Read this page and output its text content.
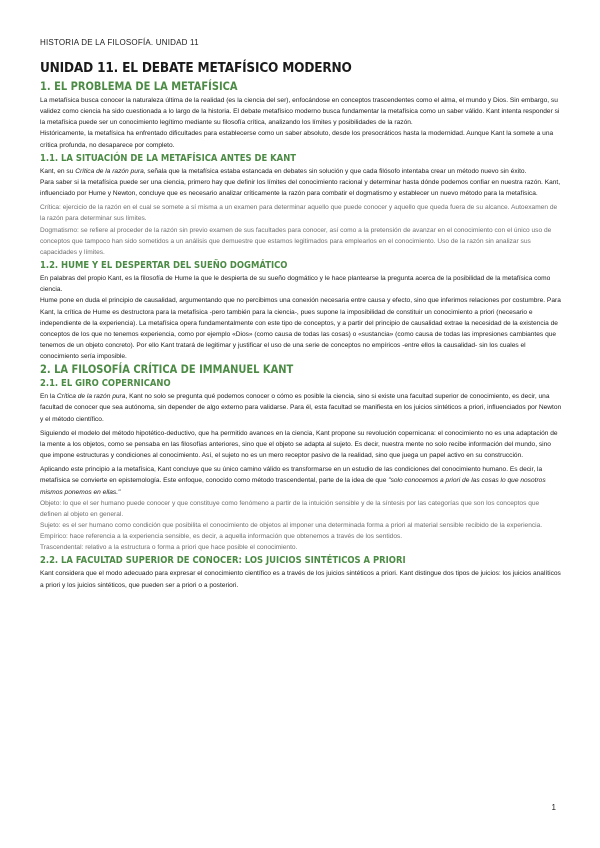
HISTORIA DE LA FILOSOFÍA. UNIDAD 11
UNIDAD 11. EL DEBATE METAFÍSICO MODERNO
1. EL PROBLEMA DE LA METAFÍSICA

La metafísica busca conocer la naturaleza última de la realidad (es la ciencia del ser), enfocándose en conceptos trascendentes como el alma, el mundo y Dios. Sin embargo, su validez como ciencia ha sido cuestionada a lo largo de la historia. El debate metafísico moderno busca fundamentar la metafísica como un saber válido. Kant intenta responder si la metafísica puede ser un conocimiento legítimo mediante su filosofía crítica, analizando los límites y posibilidades de la razón.

Históricamente, la metafísica ha enfrentado dificultades para establecerse como un saber absoluto, desde los presocráticos hasta la modernidad. Aunque Kant la somete a una crítica profunda, no desaparece por completo.

1.1. LA SITUACIÓN DE LA METAFÍSICA ANTES DE KANT

Kant, en su Crítica de la razón pura, señala que la metafísica estaba estancada en debates sin solución y que cada filósofo intentaba crear un método nuevo sin éxito.

Para saber si la metafísica puede ser una ciencia, primero hay que definir los límites del conocimiento racional y determinar hasta dónde podemos confiar en nuestra razón. Kant, influenciado por Hume y Newton, concluye que es necesario analizar críticamente la razón para combatir el dogmatismo y establecer un nuevo método para la metafísica.

Crítica: ejercicio de la razón en el cual se somete a sí misma a un examen para determinar aquello que puede conocer y aquello que queda fuera de su alcance. Autoexamen de la razón para determinar sus límites.

Dogmatismo: se refiere al proceder de la razón sin previo examen de sus facultades para conocer, así como a la pretensión de avanzar en el conocimiento con el único uso de conceptos que tampoco han sido sometidos a un análisis que demuestre que estamos legitimados para emplearlos en el conocimiento. Uso de la razón sin analizar sus capacidades y límites.

1.2. HUME Y EL DESPERTAR DEL SUEÑO DOGMÁTICO

En palabras del propio Kant, es la filosofía de Hume la que le despierta de su sueño dogmático y le hace plantearse la pregunta acerca de la posibilidad de la metafísica como ciencia.

Hume pone en duda el principio de causalidad, argumentando que no percibimos una conexión necesaria entre causa y efecto, sino que inferimos relaciones por costumbre. Para Kant, la crítica de Hume es destructora para la metafísica -pero también para la ciencia-, pues supone la imposibilidad de constituir un conocimiento a priori (necesario e independiente de la experiencia). La metafísica opera fundamentalmente con este tipo de conceptos, y a partir del principio de causalidad extrae la necesidad de la existencia de conceptos de los que no tenemos experiencia, como por ejemplo «Dios» (como causa de todas las cosas) o «sustancia» (como causa de todas las impresiones cambiantes que tenemos de un objeto concreto). Por ello Kant tratará de legitimar y justificar el uso de una serie de conceptos no empíricos -entre ellos la causalidad- sin los cuales el conocimiento sería imposible.

2. LA FILOSOFÍA CRÍTICA DE IMMANUEL KANT
2.1. EL GIRO COPERNICANO

En la Crítica de la razón pura, Kant no solo se pregunta qué podemos conocer o cómo es posible la ciencia, sino si existe una facultad superior de conocimiento, es decir, una facultad de conocer que sea autónoma, sin depender de algo externo para validarse. Para él, esta facultad se manifiesta en los juicios sintéticos a priori, influenciados por Newton y el método científico.

Siguiendo el modelo del método hipotético-deductivo, que ha permitido avances en la ciencia, Kant propone su revolución copernicana: el conocimiento no es una adaptación de la mente a los objetos, como se pensaba en las filosofías anteriores, sino que el objeto se adapta al sujeto. Es decir, nuestra mente no solo recibe información del mundo, sino que impone estructuras y condiciones al conocimiento. Así, el sujeto no es un mero receptor pasivo de la realidad, sino que juega un papel activo en su construcción.

Aplicando este principio a la metafísica, Kant concluye que su único camino válido es transformarse en un estudio de las condiciones del conocimiento humano. Es decir, la metafísica se convierte en epistemología. Este enfoque, conocido como método trascendental, parte de la idea de que "solo conocemos a priori de las cosas lo que nosotros mismos ponemos en ellas."

Objeto: lo que el ser humano puede conocer y que constituye como fenómeno a partir de la intuición sensible y de la síntesis por las categorías que son los conceptos que definen al objeto en general.

Sujeto: es el ser humano como condición que posibilita el conocimiento de objetos al imponer una determinada forma a priori al material sensible recibido de la experiencia.

Empírico: hace referencia a la experiencia sensible, es decir, a aquella información que obtenemos a través de los sentidos.

Trascendental: relativo a la estructura o forma a priori que hace posible el conocimiento.

2.2. LA FACULTAD SUPERIOR DE CONOCER: LOS JUICIOS SINTÉTICOS A PRIORI

Kant considera que el modo adecuado para expresar el conocimiento científico es a través de los juicios sintéticos a priori. Kant distingue dos tipos de juicios: los juicios analíticos a priori y los juicios sintéticos, que pueden ser a priori o a posteriori.

1
